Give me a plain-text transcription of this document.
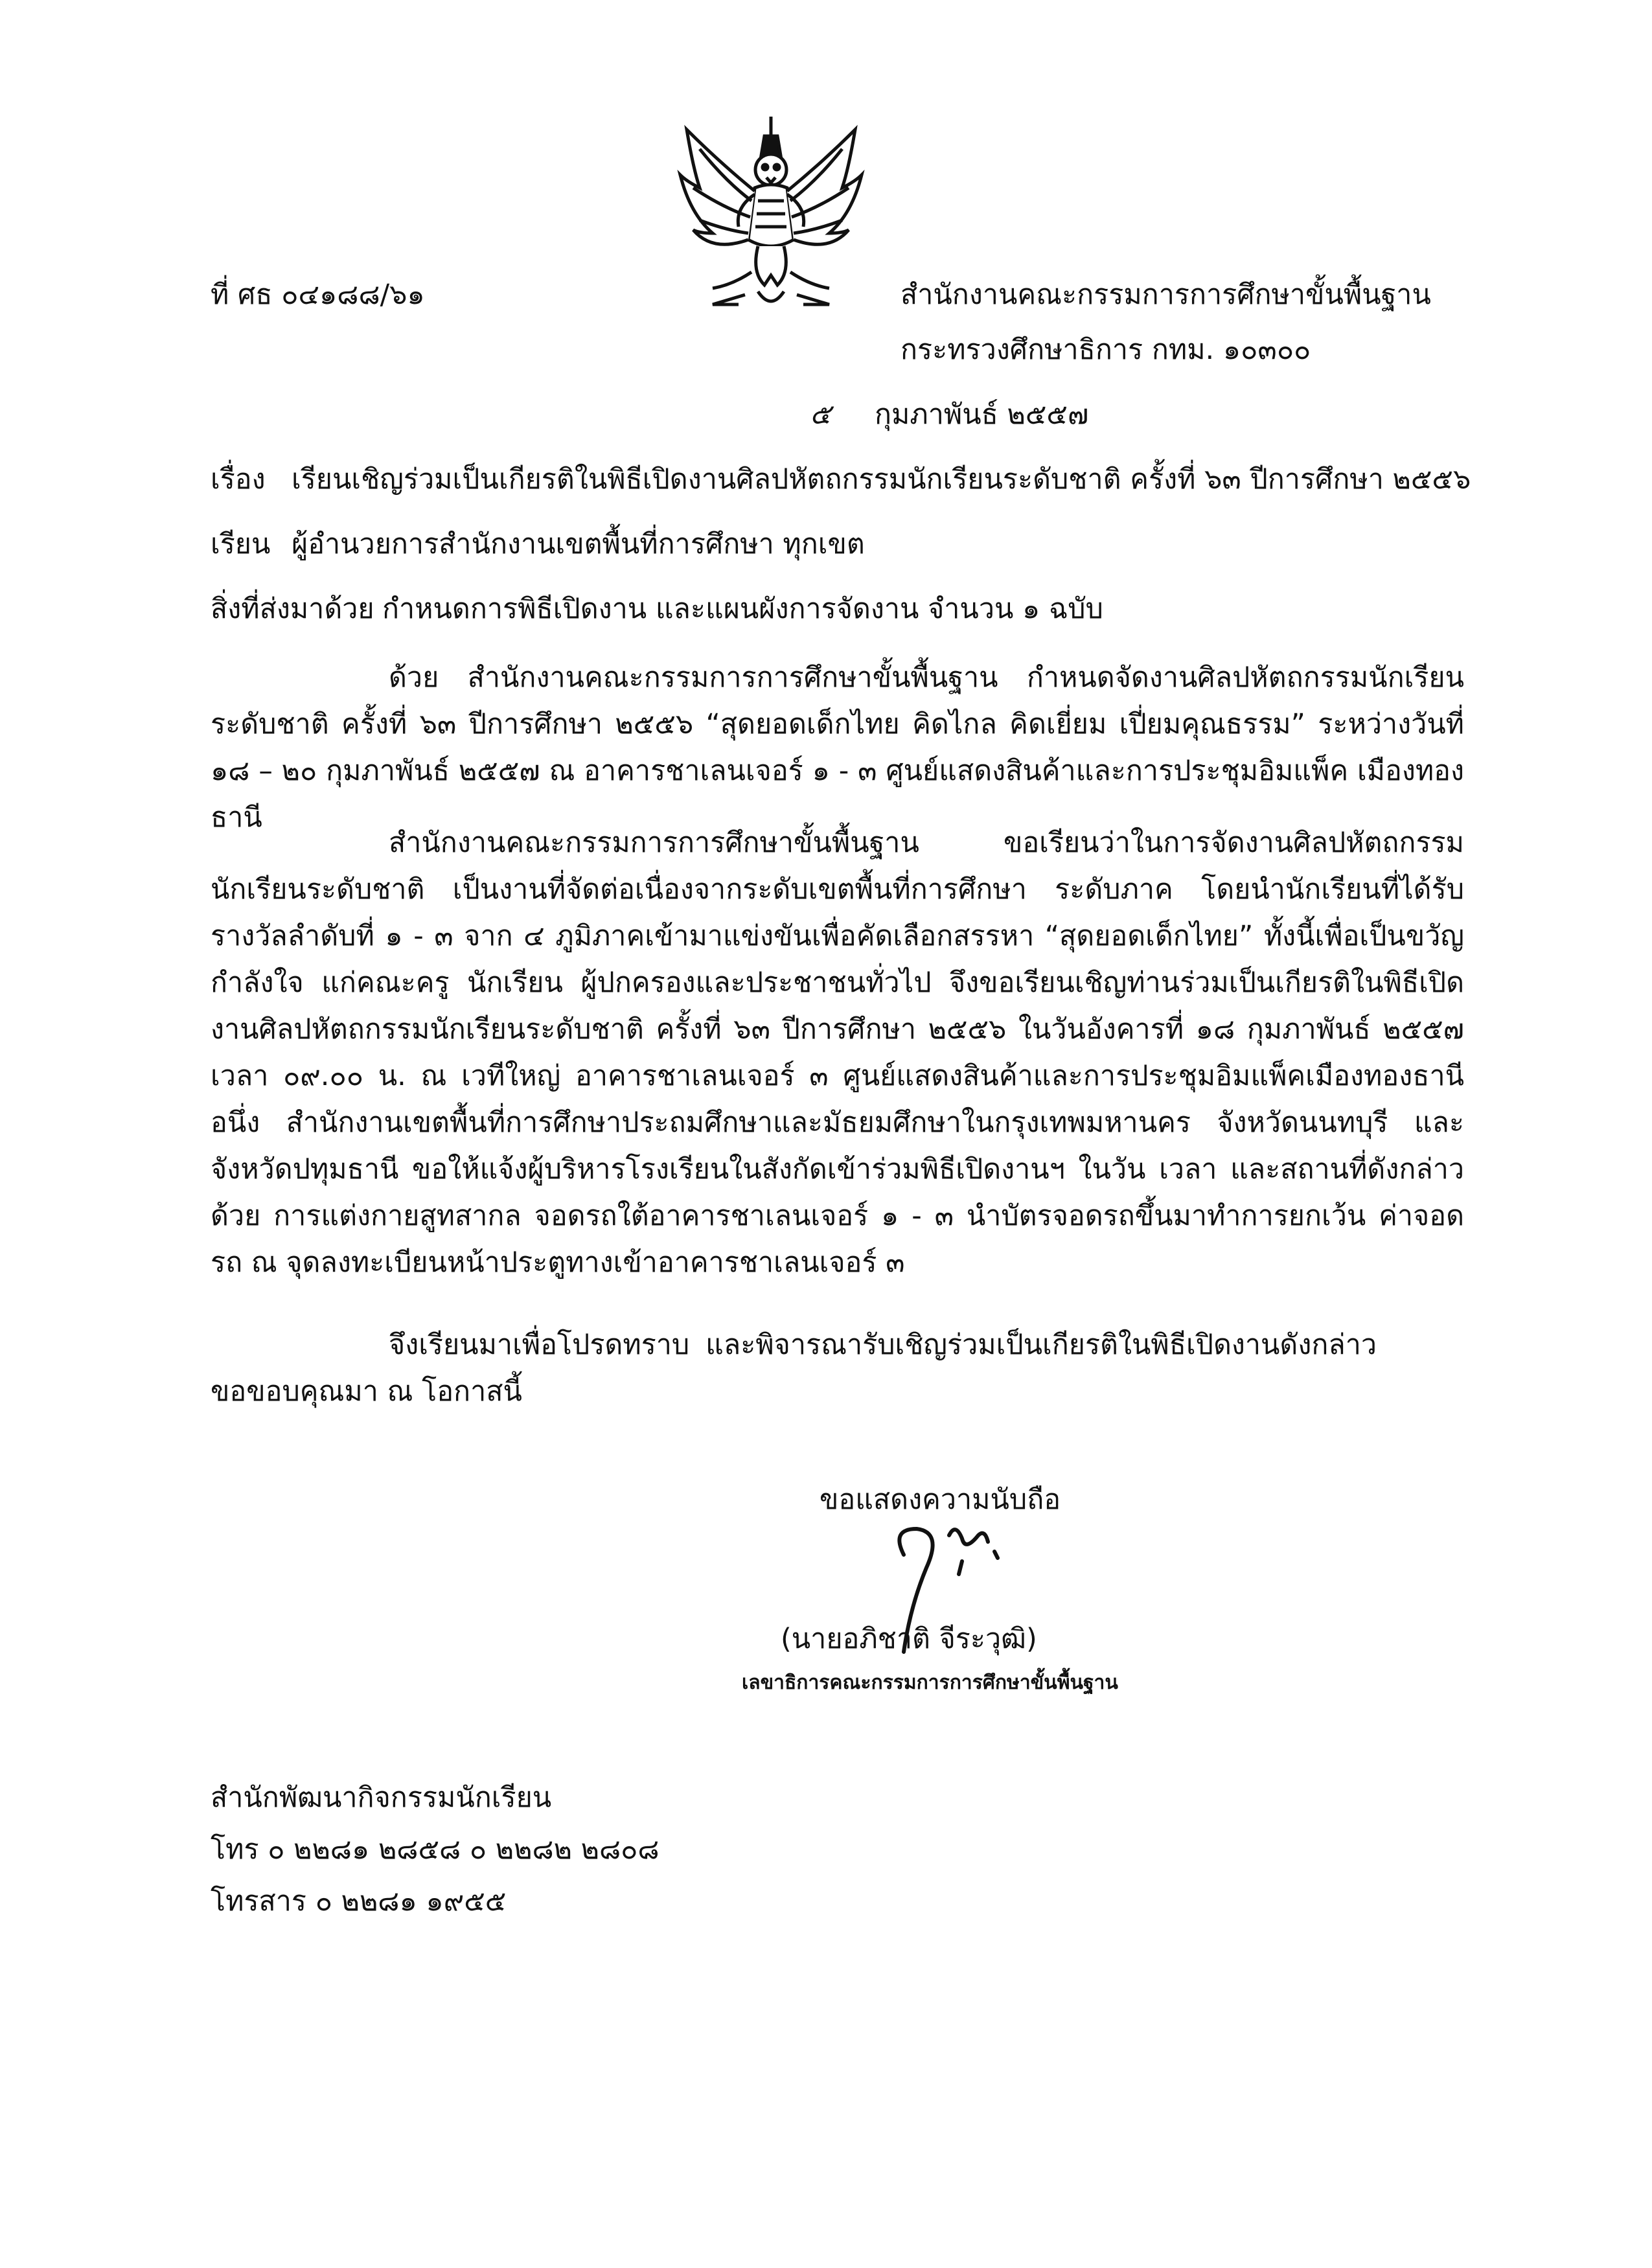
ที่ ศธ ๐๔๑๘๘/๖๑	สำนักงานคณะกรรมการการศึกษาขั้นพื้นฐาน
กระทรวงศึกษาธิการ กทม. ๑๐๓๐๐
๕ กุมภาพันธ์ ๒๕๕๗
เรื่อง เรียนเชิญร่วมเป็นเกียรติในพิธีเปิดงานศิลปหัตถกรรมนักเรียนระดับชาติ ครั้งที่ ๖๓ ปีการศึกษา ๒๕๕๖
เรียน ผู้อำนวยการสำนักงานเขตพื้นที่การศึกษา ทุกเขต
สิ่งที่ส่งมาด้วย กำหนดการพิธีเปิดงาน และแผนผังการจัดงาน จำนวน ๑ ฉบับ
ด้วย สำนักงานคณะกรรมการการศึกษาขั้นพื้นฐาน กำหนดจัดงานศิลปหัตถกรรมนักเรียนระดับชาติ ครั้งที่ ๖๓ ปีการศึกษา ๒๕๕๖ “สุดยอดเด็กไทย คิดไกล คิดเยี่ยม เปี่ยมคุณธรรม” ระหว่างวันที่ ๑๘ – ๒๐ กุมภาพันธ์ ๒๕๕๗ ณ อาคารชาเลนเจอร์ ๑ - ๓ ศูนย์แสดงสินค้าและการประชุมอิมแพ็ค เมืองทองธานี
สำนักงานคณะกรรมการการศึกษาขั้นพื้นฐาน ขอเรียนว่าในการจัดงานศิลปหัตถกรรมนักเรียนระดับชาติ เป็นงานที่จัดต่อเนื่องจากระดับเขตพื้นที่การศึกษา ระดับภาค โดยนำนักเรียนที่ได้รับรางวัลลำดับที่ ๑ - ๓ จาก ๔ ภูมิภาคเข้ามาแข่งขันเพื่อคัดเลือกสรรหา “สุดยอดเด็กไทย” ทั้งนี้เพื่อเป็นขวัญกำลังใจ แก่คณะครู นักเรียน ผู้ปกครองและประชาชนทั่วไป จึงขอเรียนเชิญท่านร่วมเป็นเกียรติในพิธีเปิดงานศิลปหัตถกรรมนักเรียนระดับชาติ ครั้งที่ ๖๓ ปีการศึกษา ๒๕๕๖ ในวันอังคารที่ ๑๘ กุมภาพันธ์ ๒๕๕๗ เวลา ๐๙.๐๐ น. ณ เวทีใหญ่ อาคารชาเลนเจอร์ ๓ ศูนย์แสดงสินค้าและการประชุมอิมแพ็คเมืองทองธานี อนึ่ง สำนักงานเขตพื้นที่การศึกษาประถมศึกษาและมัธยมศึกษาในกรุงเทพมหานคร จังหวัดนนทบุรี และจังหวัดปทุมธานี ขอให้แจ้งผู้บริหารโรงเรียนในสังกัดเข้าร่วมพิธีเปิดงานฯ ในวัน เวลา และสถานที่ดังกล่าวด้วย การแต่งกายสูทสากล จอดรถใต้อาคารชาเลนเจอร์ ๑ - ๓ นำบัตรจอดรถขึ้นมาทำการยกเว้น ค่าจอดรถ ณ จุดลงทะเบียนหน้าประตูทางเข้าอาคารชาเลนเจอร์ ๓
จึงเรียนมาเพื่อโปรดทราบ และพิจารณารับเชิญร่วมเป็นเกียรติในพิธีเปิดงานดังกล่าว ขอขอบคุณมา ณ โอกาสนี้
ขอแสดงความนับถือ
(นายอภิชาติ จีระวุฒิ)
เลขาธิการคณะกรรมการการศึกษาขั้นพื้นฐาน
สำนักพัฒนากิจกรรมนักเรียน
โทร ๐ ๒๒๘๑ ๒๘๕๘ ๐ ๒๒๘๒ ๒๘๐๘
โทรสาร ๐ ๒๒๘๑ ๑๙๕๕
